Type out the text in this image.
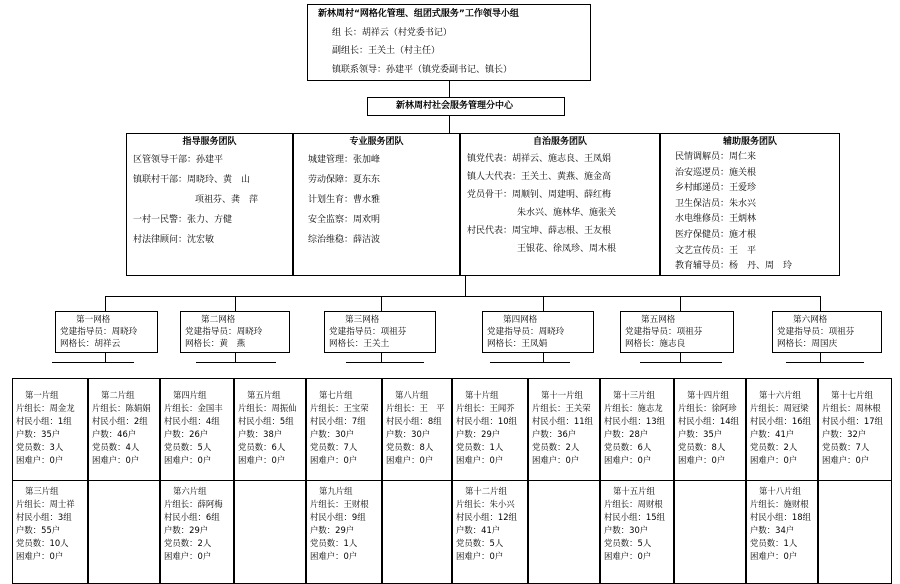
新林周村“网格化管理、组团式服务”工作领导小组
组 长：胡祥云（村党委书记）
副组长：王关土（村主任）
镇联系领导：孙建平（镇党委副书记、镇长）
新林周村社会服务管理分中心
指导服务团队
区管领导干部：孙建平
镇联村干部：周晓玲、黄　山
项祖芬、龚　萍
一村一民警：张力、方健
村法律顾问：沈宏敏
专业服务团队
城建管理：张加峰
劳动保障：夏东东
计划生育：曹水雅
安全监察：周欢明
综治维稳：薛洁波
自治服务团队
镇党代表：胡祥云、施志良、王凤娟
镇人大代表：王关土、黄燕、施金高
党员骨干：周顺钊、周建明、薛红梅
朱水兴、施林华、施张关
村民代表：周宝坤、薛志根、王友根
王银花、徐凤珍、周木根
辅助服务团队
民情调解员：周仁来
治安巡逻员：施关根
乡村邮递员：王爱珍
卫生保洁员：朱水兴
水电维修员：王炳林
医疗保健员：施才根
文艺宣传员：王　平
教育辅导员：杨　丹、周　玲
第一网格
党建指导员：周晓玲
网格长：胡祥云
第二网格
党建指导员：周晓玲
网格长：黄　燕
第三网格
党建指导员：项祖芬
网格长：王关土
第四网格
党建指导员：周晓玲
网格长：王凤娟
第五网格
党建指导员：项祖芬
网格长：施志良
第六网格
党建指导员：项祖芬
网格长：周国庆
第一片组
片组长：周金龙
村民小组：1组
户数：35户
党员数：3人
困难户：0户
第二片组
片组长：陈娟娟
村民小组：2组
户数：46户
党员数：4人
困难户：0户
第四片组
片组长：金国丰
村民小组：4组
户数：26户
党员数：5人
困难户：0户
第五片组
片组长：周振仙
村民小组：5组
户数：38户
党员数：6人
困难户：0户
第七片组
片组长：王宝荣
村民小组：7组
户数：30户
党员数：7人
困难户：0户
第八片组
片组长：王　平
村民小组：8组
户数：30户
党员数：8人
困难户：0户
第十片组
片组长：王闻芥
村民小组：10组
户数：29户
党员数：1人
困难户：0户
第十一片组
片组长：王关荣
村民小组：11组
户数：36户
党员数：2人
困难户：0户
第十三片组
片组长：施志龙
村民小组：13组
户数：28户
党员数：6人
困难户：0户
第十四片组
片组长：徐阿珍
村民小组：14组
户数：35户
党员数：8人
困难户：0户
第十六片组
片组长：周冠梁
村民小组：16组
户数：41户
党员数：2人
困难户：0户
第十七片组
片组长：周林根
村民小组：17组
户数：32户
党员数：7人
困难户：0户
第三片组
片组长：周士祥
村民小组：3组
户数：55户
党员数：10人
困难户：0户
第六片组
片组长：薛阿梅
村民小组：6组
户数：29户
党员数：2人
困难户：0户
第九片组
片组长：王财根
村民小组：9组
户数：29户
党员数：1人
困难户：0户
第十二片组
片组长：朱小兴
村民小组：12组
户数：41户
党员数：5人
困难户：0户
第十五片组
片组长：周财根
村民小组：15组
户数：30户
党员数：5人
困难户：0户
第十八片组
片组长：施财根
村民小组：18组
户数：34户
党员数：1人
困难户：0户
